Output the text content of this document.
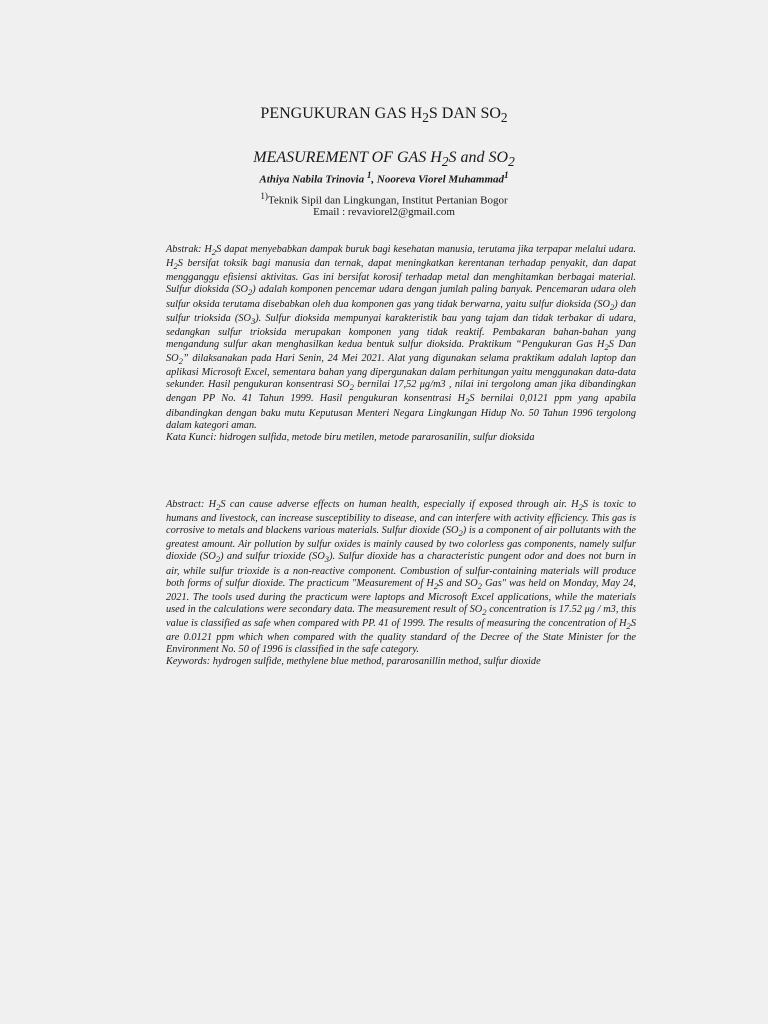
PENGUKURAN GAS $H_2S$ DAN $SO_2$
MEASUREMENT OF GAS $H_2S$ and $SO_2$
Athiya Nabila Trinovia $^1$, Nooreva Viorel Muhammad$^1$
$^{1)}$Teknik Sipil dan Lingkungan, Institut Pertanian Bogor
Email : revaviorel2@gmail.com

Abstrak: $H_2S$ dapat menyebabkan dampak buruk bagi kesehatan manusia, terutama jika terpapar melalui udara. $H_2S$ bersifat toksik bagi manusia dan ternak, dapat meningkatkan kerentanan terhadap penyakit, dan dapat mengganggu efisiensi aktivitas. Gas ini bersifat korosif terhadap metal dan menghitamkan berbagai material. Sulfur dioksida $(SO_2)$ adalah komponen pencemar udara dengan jumlah paling banyak. Pencemaran udara oleh sulfur oksida terutama disebabkan oleh dua komponen gas yang tidak berwarna, yaitu sulfur dioksida $(SO_2)$ dan sulfur trioksida $(SO_3)$. Sulfur dioksida mempunyai karakteristik bau yang tajam dan tidak terbakar di udara, sedangkan sulfur trioksida merupakan komponen yang tidak reaktif. Pembakaran bahan-bahan yang mengandung sulfur akan menghasilkan kedua bentuk sulfur dioksida. Praktikum “Pengukuran Gas $H_2S$ Dan $SO_2$” dilaksanakan pada Hari Senin, 24 Mei 2021. Alat yang digunakan selama praktikum adalah laptop dan aplikasi Microsoft Excel, sementara bahan yang dipergunakan dalam perhitungan yaitu menggunakan data-data sekunder. Hasil pengukuran konsentrasi $SO_2$ bernilai 17,52 μg/m3 , nilai ini tergolong aman jika dibandingkan dengan PP No. 41 Tahun 1999. Hasil pengukuran konsentrasi $H_2S$ bernilai 0,0121 ppm yang apabila dibandingkan dengan baku mutu Keputusan Menteri Negara Lingkungan Hidup No. 50 Tahun 1996 tergolong dalam kategori aman.

Kata Kunci: hidrogen sulfida, metode biru metilen, metode pararosanilin, sulfur dioksida

Abstract: $H_2S$ can cause adverse effects on human health, especially if exposed through air. $H_2S$ is toxic to humans and livestock, can increase susceptibility to disease, and can interfere with activity efficiency. This gas is corrosive to metals and blackens various materials. Sulfur dioxide $(SO_2)$ is a component of air pollutants with the greatest amount. Air pollution by sulfur oxides is mainly caused by two colorless gas components, namely sulfur dioxide $(SO_2)$ and sulfur trioxide $(SO_3)$. Sulfur dioxide has a characteristic pungent odor and does not burn in air, while sulfur trioxide is a non-reactive component. Combustion of sulfur-containing materials will produce both forms of sulfur dioxide. The practicum "Measurement of $H_2S$ and $SO_2$ Gas" was held on Monday, May 24, 2021. The tools used during the practicum were laptops and Microsoft Excel applications, while the materials used in the calculations were secondary data. The measurement result of $SO_2$ concentration is 17.52 μg / m3, this value is classified as safe when compared with PP. 41 of 1999. The results of measuring the concentration of $H_2S$ are 0.0121 ppm which when compared with the quality standard of the Decree of the State Minister for the Environment No. 50 of 1996 is classified in the safe category.

Keywords: hydrogen sulfide, methylene blue method, pararosanillin method, sulfur dioxide
